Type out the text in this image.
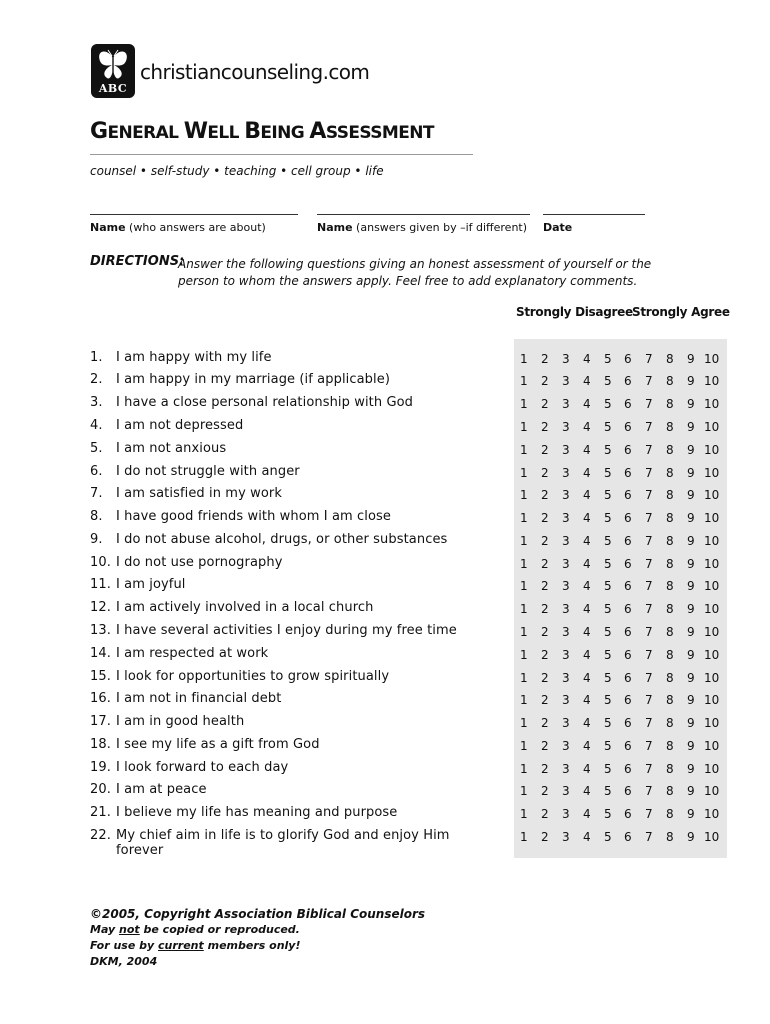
ABC
christiancounseling.com
GENERAL WELL BEING ASSESSMENT
counsel • self-study • teaching • cell group • life
Name (who answers are about)	Name (answers given by –if different) Date
DIRECTIONS:
Answer the following questions giving an honest assessment of yourself or the person to whom the answers apply. Feel free to add explanatory comments.
Strongly Disagree Strongly Agree
1. I am happy with my life	1 2 3 4 5 6 7 8 9 10
2. I am happy in my marriage (if applicable)	1 2 3 4 5 6 7 8 9 10
3. I have a close personal relationship with God	1 2 3 4 5 6 7 8 9 10
4. I am not depressed	1 2 3 4 5 6 7 8 9 10
5. I am not anxious	1 2 3 4 5 6 7 8 9 10
6. I do not struggle with anger	1 2 3 4 5 6 7 8 9 10
7. I am satisfied in my work	1 2 3 4 5 6 7 8 9 10
8. I have good friends with whom I am close	1 2 3 4 5 6 7 8 9 10
9. I do not abuse alcohol, drugs, or other substances	1 2 3 4 5 6 7 8 9 10
10. I do not use pornography	1 2 3 4 5 6 7 8 9 10
11. I am joyful	1 2 3 4 5 6 7 8 9 10
12. I am actively involved in a local church	1 2 3 4 5 6 7 8 9 10
13. I have several activities I enjoy during my free time	1 2 3 4 5 6 7 8 9 10
14. I am respected at work	1 2 3 4 5 6 7 8 9 10
15. I look for opportunities to grow spiritually	1 2 3 4 5 6 7 8 9 10
16. I am not in financial debt	1 2 3 4 5 6 7 8 9 10
17. I am in good health	1 2 3 4 5 6 7 8 9 10
18. I see my life as a gift from God	1 2 3 4 5 6 7 8 9 10
19. I look forward to each day	1 2 3 4 5 6 7 8 9 10
20. I am at peace	1 2 3 4 5 6 7 8 9 10
21. I believe my life has meaning and purpose	1 2 3 4 5 6 7 8 9 10
22. My chief aim in life is to glorify God and enjoy Him
forever
1 2 3 4 5 6 7 8 9 10
©2005, Copyright Association Biblical Counselors
May not be copied or reproduced.
For use by current members only!
DKM, 2004
